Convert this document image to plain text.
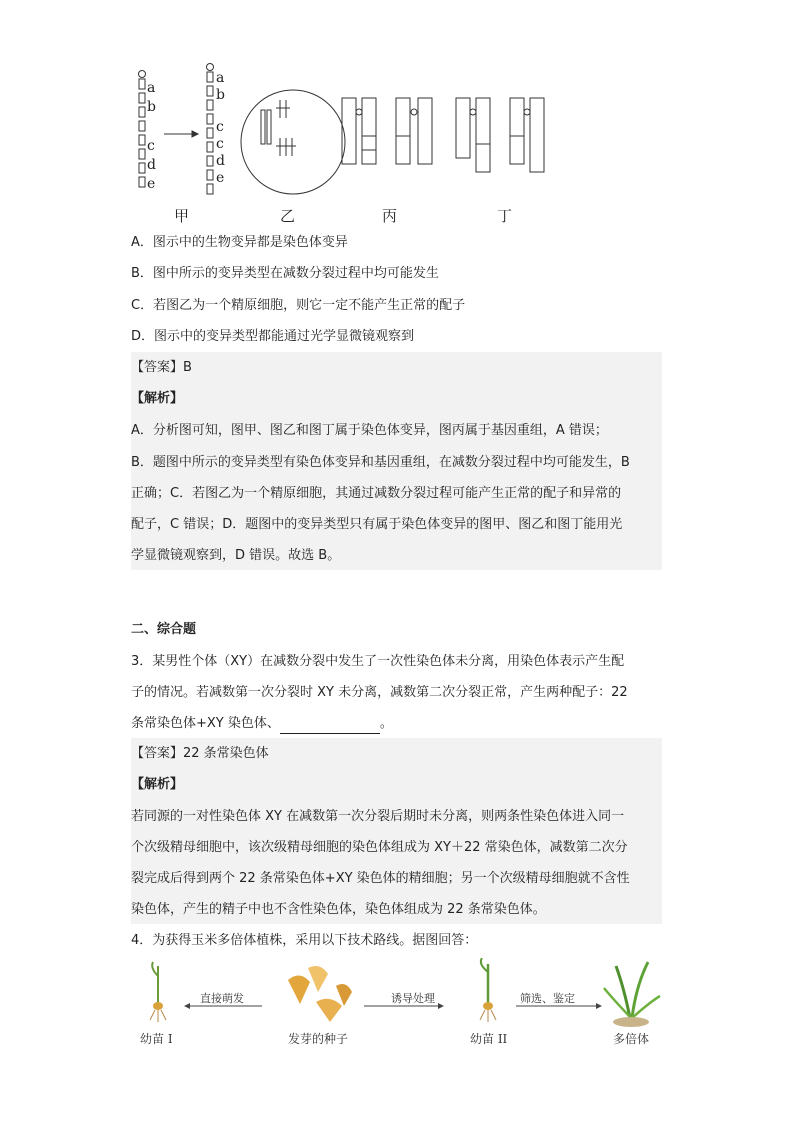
a
b
c
d
e
a
b
c
c
d
e
甲	乙	丙	丁
A．图示中的生物变异都是染色体变异
B．图中所示的变异类型在减数分裂过程中均可能发生
C．若图乙为一个精原细胞，则它一定不能产生正常的配子
D．图示中的变异类型都能通过光学显微镜观察到
【答案】B
【解析】
A．分析图可知，图甲、图乙和图丁属于染色体变异，图丙属于基因重组，A 错误；
B．题图中所示的变异类型有染色体变异和基因重组，在减数分裂过程中均可能发生，B
正确；C．若图乙为一个精原细胞，其通过减数分裂过程可能产生正常的配子和异常的
配子，C 错误；D．题图中的变异类型只有属于染色体变异的图甲、图乙和图丁能用光
学显微镜观察到，D 错误。故选 B。
二、综合题
3．某男性个体（XY）在减数分裂中发生了一次性染色体未分离，用染色体表示产生配
子的情况。若减数第一次分裂时 XY 未分离，减数第二次分裂正常，产生两种配子：22
条常染色体+XY 染色体、	。
【答案】22 条常染色体
【解析】
若同源的一对性染色体 XY 在减数第一次分裂后期时未分离，则两条性染色体进入同一
个次级精母细胞中，该次级精母细胞的染色体组成为 XY＋22 常染色体，减数第二次分
裂完成后得到两个 22 条常染色体+XY 染色体的精细胞；另一个次级精母细胞就不含性
染色体，产生的精子中也不含性染色体，染色体组成为 22 条常染色体。
4．为获得玉米多倍体植株，采用以下技术路线。据图回答：
直接萌发	诱导处理	筛选、鉴定
幼苗 I	发芽的种子	幼苗 II	多倍体
